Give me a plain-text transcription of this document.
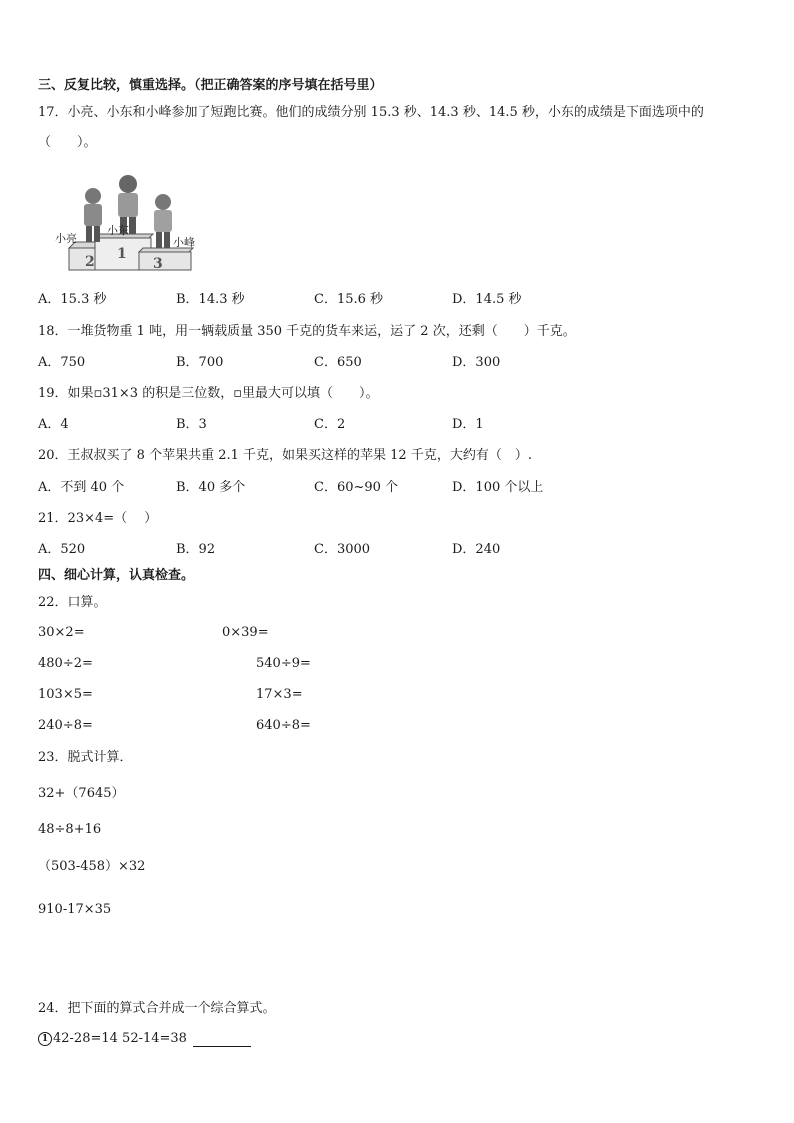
三、反复比较，慎重选择。（把正确答案的序号填在括号里）
17．小亮、小东和小峰参加了短跑比赛。他们的成绩分别 15.3 秒、14.3 秒、14.5 秒，小东的成绩是下面选项中的
（　　）。
2 1
3
小亮
小东
小峰
A．15.3 秒	B．14.3 秒	C．15.6 秒	D．14.5 秒
18．一堆货物重 1 吨，用一辆载质量 350 千克的货车来运，运了 2 次，还剩（　　）千克。
A．750	B．700	C．650	D．300
19．如果▫31×3 的积是三位数，▫里最大可以填（　　）。
A．4	B．3	C．2	D．1
20．王叔叔买了 8 个苹果共重 2.1 千克，如果买这样的苹果 12 千克，大约有（　）.
A．不到 40 个	B．40 多个	C．60~90 个	D．100 个以上
21．23×4=（　 ）
A．520	B．92	C．3000	D．240
四、细心计算，认真检查。
22．口算。
30×2=	0×39=
480÷2=	540÷9=
103×5=	17×3=
240÷8=	640÷8=
23．脱式计算．
32+（7645）
48÷8+16
（503-458）×32
910-17×35
24．把下面的算式合并成一个综合算式。
1 42-28=14 52-14=38
